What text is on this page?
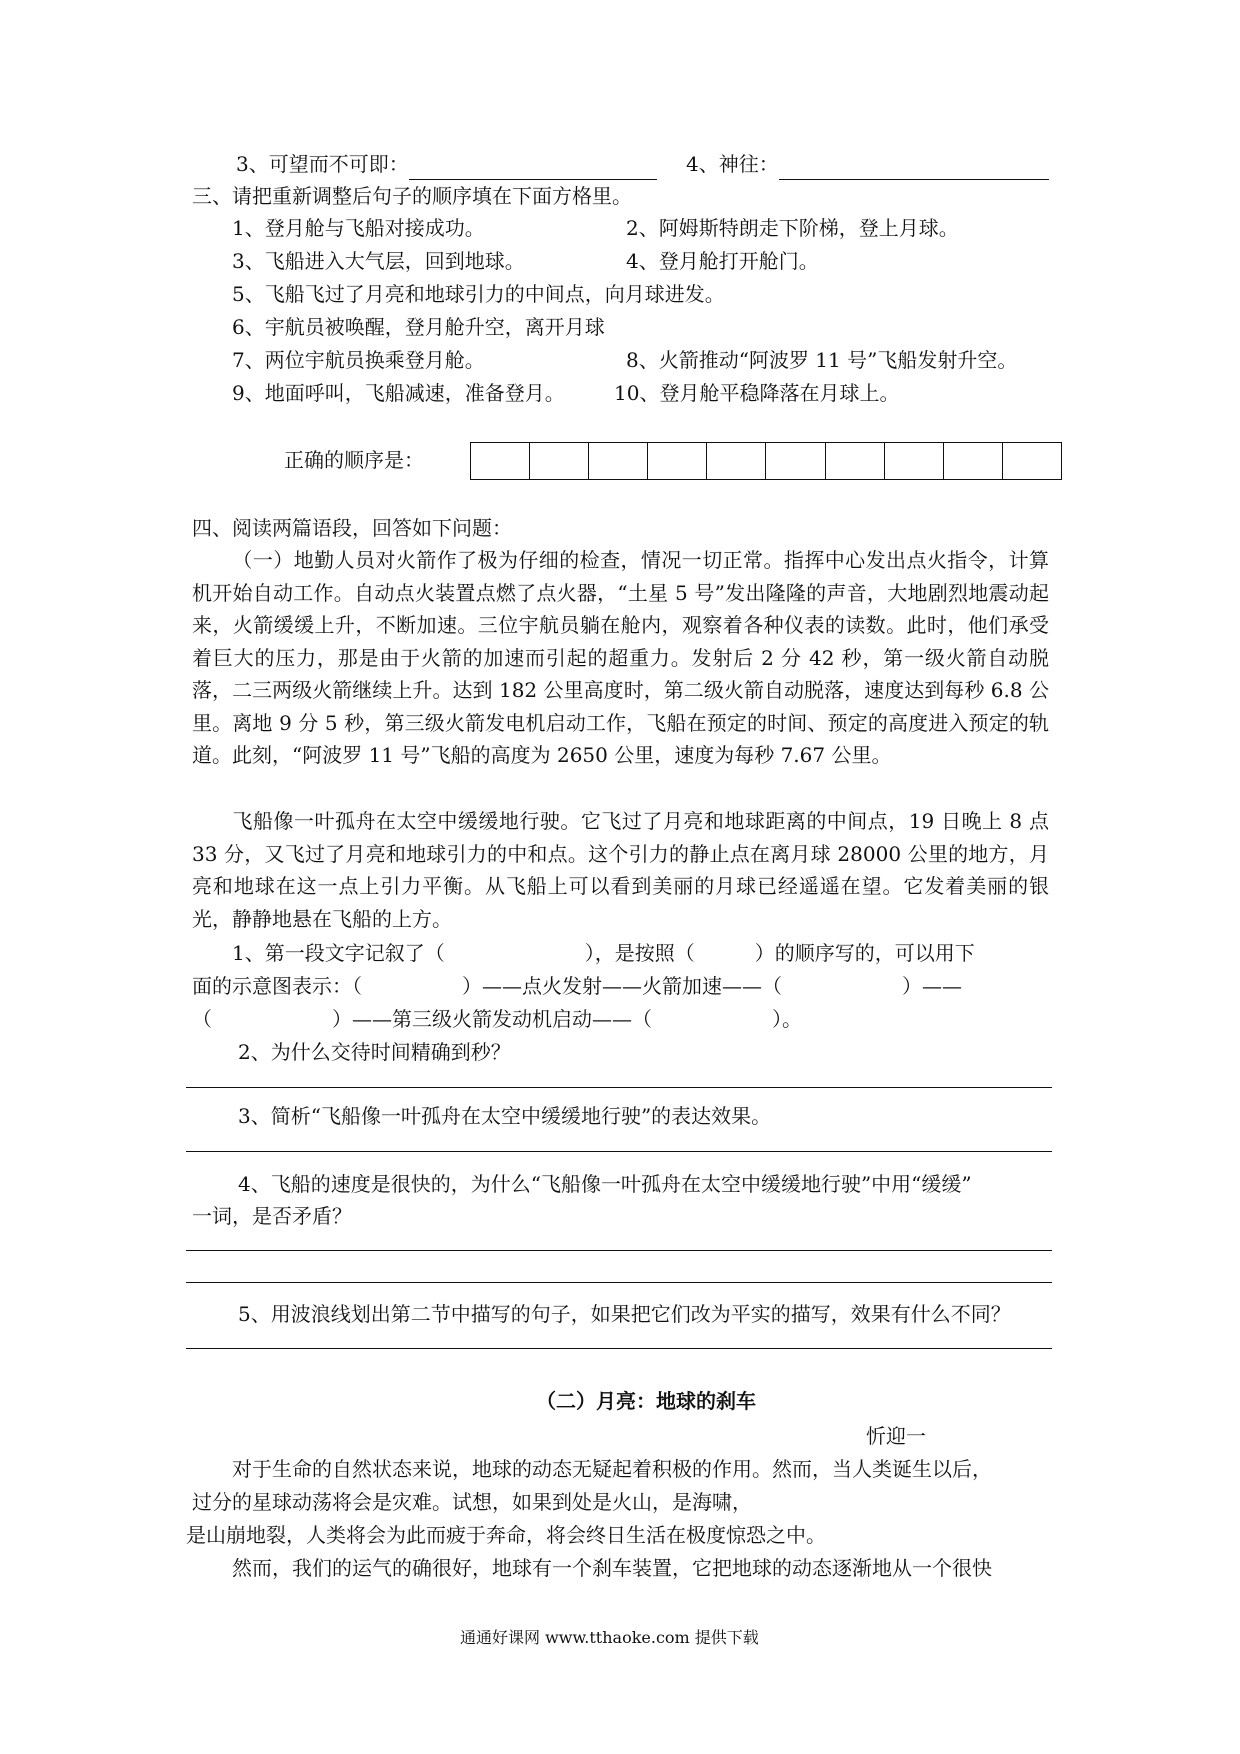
3、可望而不可即：	4、神往：
三、请把重新调整后句子的顺序填在下面方格里。
1、登月舱与飞船对接成功。	2、阿姆斯特朗走下阶梯，登上月球。
3、飞船进入大气层，回到地球。	4、登月舱打开舱门。
5、飞船飞过了月亮和地球引力的中间点，向月球进发。
6、宇航员被唤醒，登月舱升空，离开月球
7、两位宇航员换乘登月舱。	8、火箭推动“阿波罗 11 号”飞船发射升空。
9、地面呼叫，飞船减速，准备登月。 10、登月舱平稳降落在月球上。
正确的顺序是：
四、阅读两篇语段，回答如下问题：
（一）地勤人员对火箭作了极为仔细的检查，情况一切正常。指挥中心发出点火指令，计算机开始自动工作。自动点火装置点燃了点火器，“土星 5 号”发出隆隆的声音，大地剧烈地震动起来，火箭缓缓上升，不断加速。三位宇航员躺在舱内，观察着各种仪表的读数。此时，他们承受着巨大的压力，那是由于火箭的加速而引起的超重力。发射后 2 分 42 秒，第一级火箭自动脱落，二三两级火箭继续上升。达到 182 公里高度时，第二级火箭自动脱落，速度达到每秒 6.8 公里。离地 9 分 5 秒，第三级火箭发电机启动工作，飞船在预定的时间、预定的高度进入预定的轨道。此刻，“阿波罗 11 号”飞船的高度为 2650 公里，速度为每秒 7.67 公里。
飞船像一叶孤舟在太空中缓缓地行驶。它飞过了月亮和地球距离的中间点，19 日晚上 8 点 33 分，又飞过了月亮和地球引力的中和点。这个引力的静止点在离月球 28000 公里的地方，月亮和地球在这一点上引力平衡。从飞船上可以看到美丽的月球已经遥遥在望。它发着美丽的银光，静静地悬在飞船的上方。
1、第一段文字记叙了（　　　　　　　），是按照（　　　）的顺序写的，可以用下
面的示意图表示：（　　　　　）——点火发射——火箭加速——（　　　　　　）——
（　　　　　　）——第三级火箭发动机启动——（　　　　　　）。
2、为什么交待时间精确到秒？
3、简析“飞船像一叶孤舟在太空中缓缓地行驶”的表达效果。
4、飞船的速度是很快的，为什么“飞船像一叶孤舟在太空中缓缓地行驶”中用“缓缓”
一词，是否矛盾？
5、用波浪线划出第二节中描写的句子，如果把它们改为平实的描写，效果有什么不同？
（二）月亮：地球的刹车
忻迎一
对于生命的自然状态来说，地球的动态无疑起着积极的作用。然而，当人类诞生以后，
过分的星球动荡将会是灾难。试想，如果到处是火山，是海啸，
是山崩地裂，人类将会为此而疲于奔命，将会终日生活在极度惊恐之中。
然而，我们的运气的确很好，地球有一个刹车装置，它把地球的动态逐渐地从一个很快
通通好课网 www.tthaoke.com 提供下载
